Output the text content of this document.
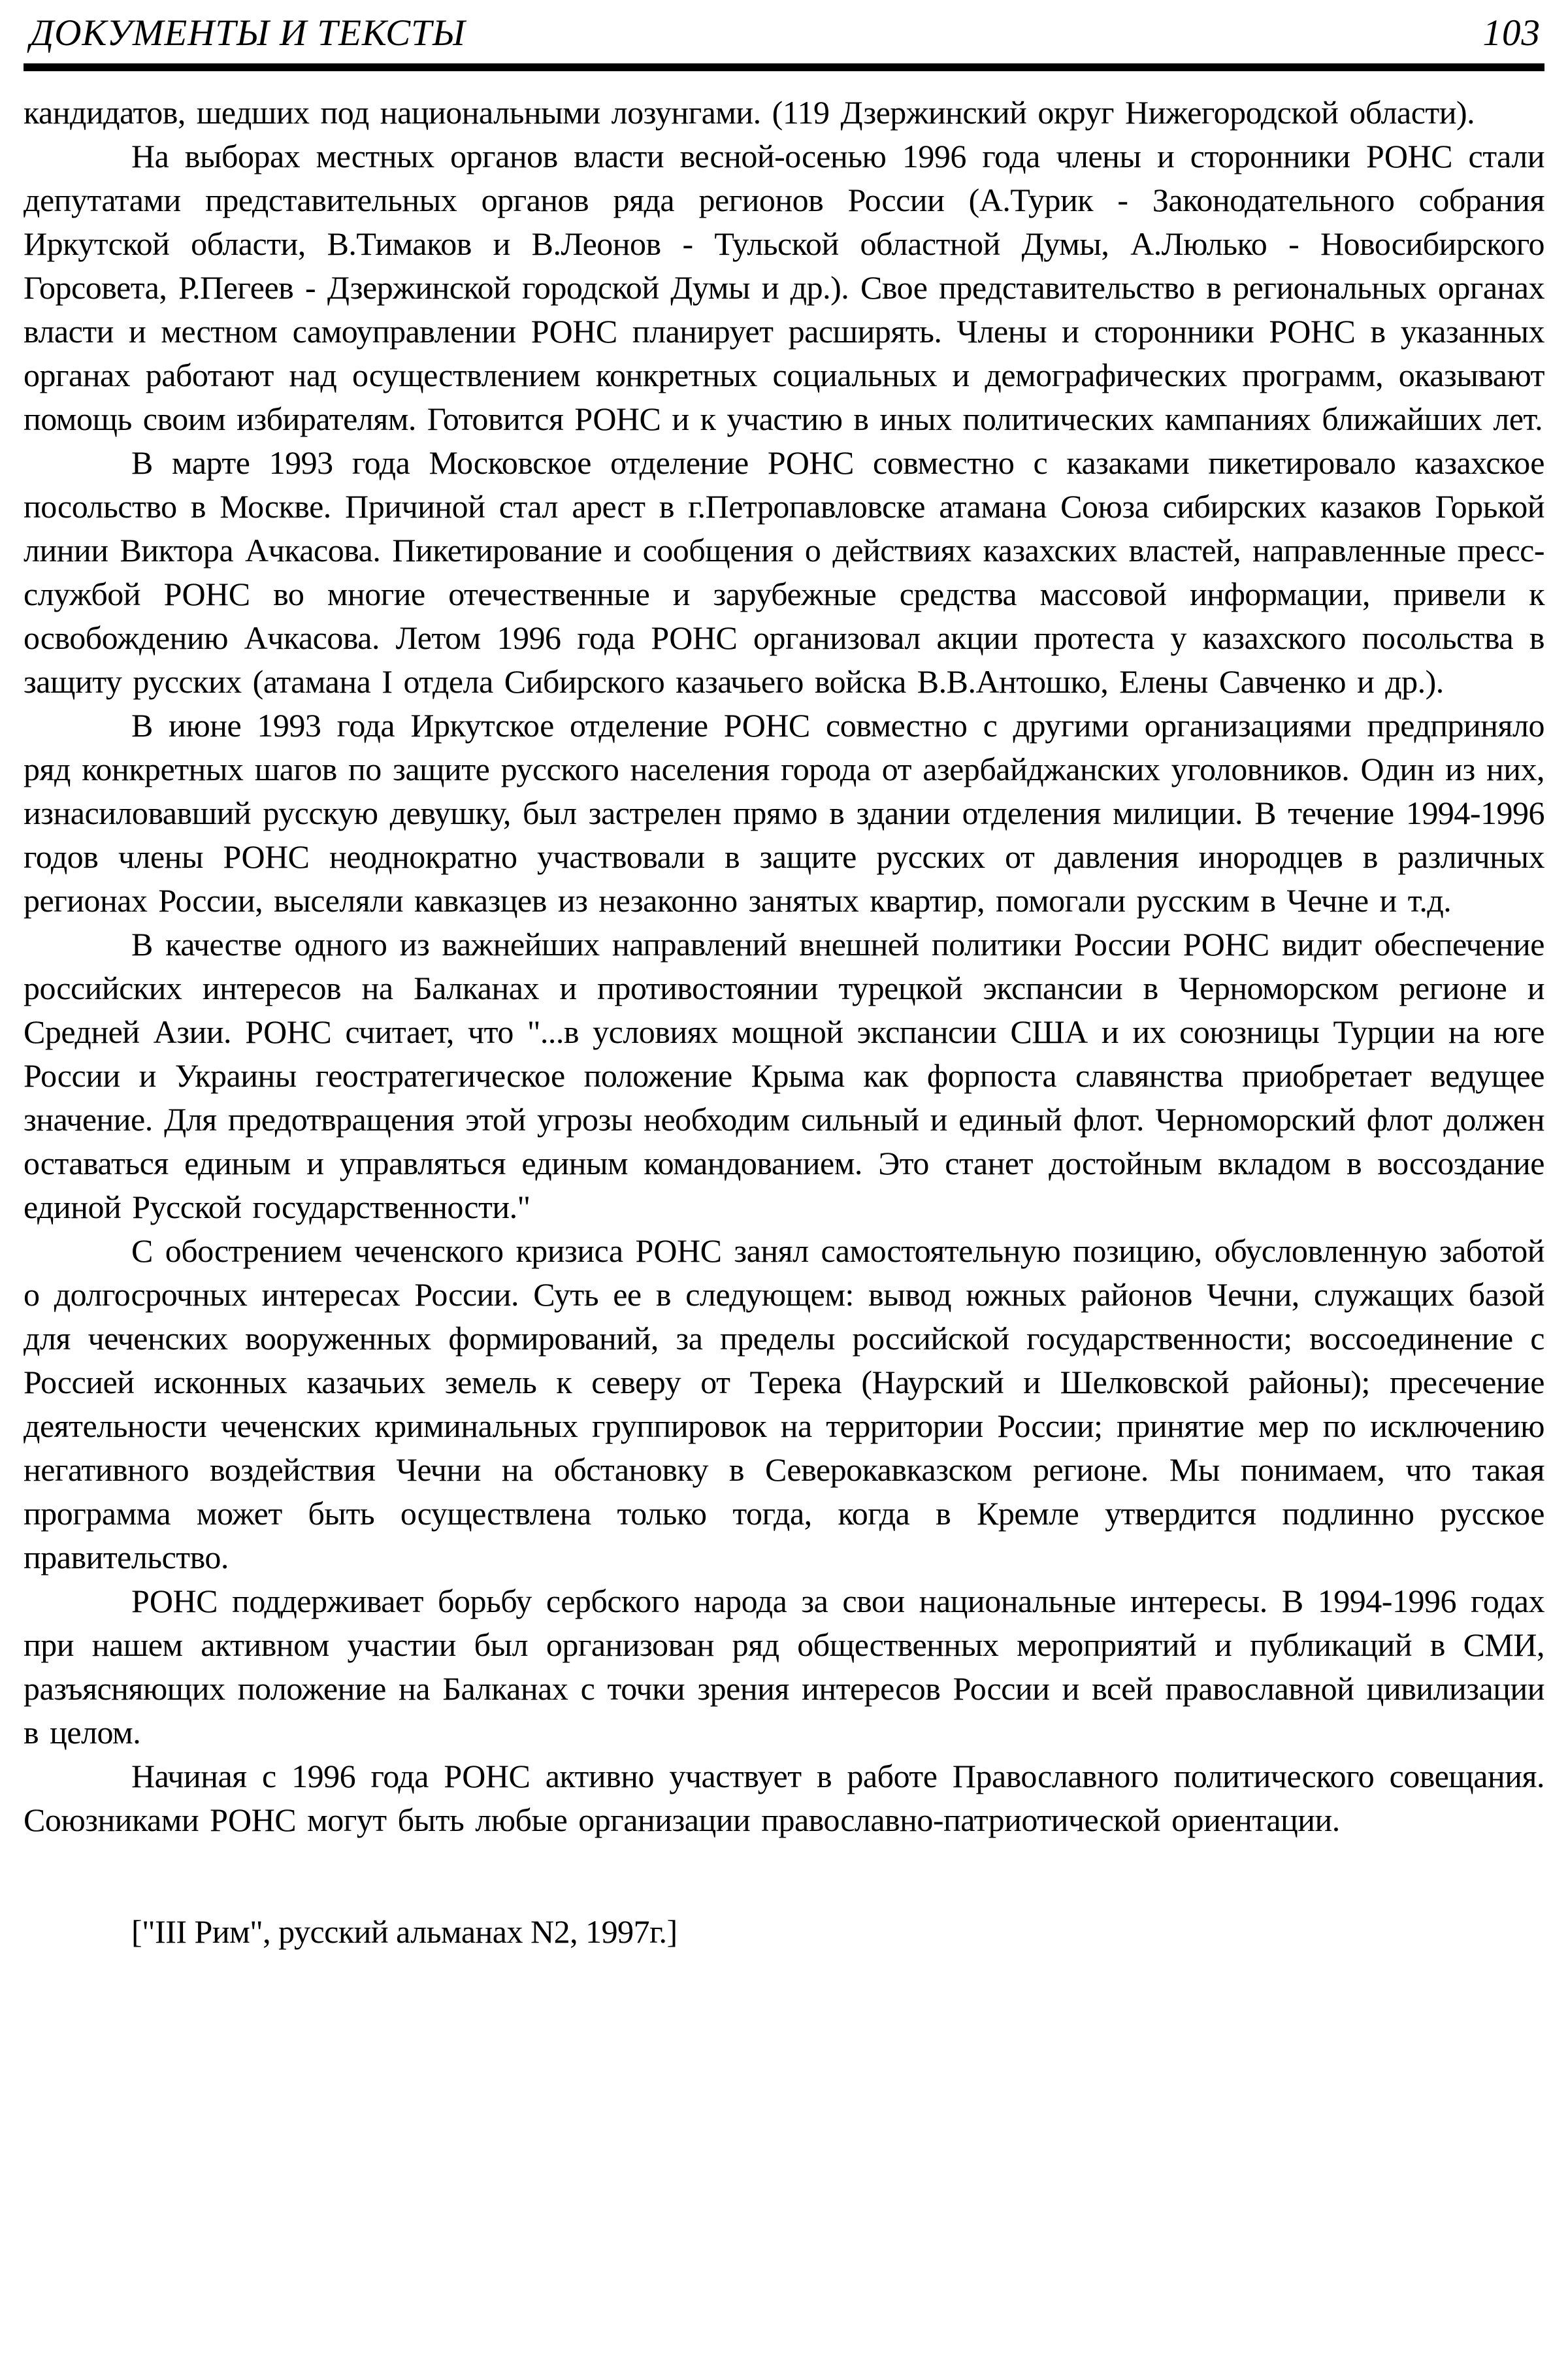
ДОКУМЕНТЫ И ТЕКСТЫ	103

кандидатов, шедших под национальными лозунгами. (119 Дзержинский округ Нижегородской области).

На выборах местных органов власти весной-осенью 1996 года члены и сторонники РОНС стали депутатами представительных органов ряда регионов России (А.Турик - Законодательного собрания Иркутской области, В.Тимаков и В.Леонов - Тульской областной Думы, А.Люлько - Новосибирского Горсовета, Р.Пегеев - Дзержинской городской Думы и др.). Свое представительство в региональных органах власти и местном самоуправлении РОНС планирует расширять. Члены и сторонники РОНС в указанных органах работают над осуществлением конкретных социальных и демографических программ, оказывают помощь своим избирателям. Готовится РОНС и к участию в иных политических кампаниях ближайших лет.

В марте 1993 года Московское отделение РОНС совместно с казаками пикетировало казахское посольство в Москве. Причиной стал арест в г.Петропавловске атамана Союза сибирских казаков Горькой линии Виктора Ачкасова. Пикетирование и сообщения о действиях казахских властей, направленные пресс-службой РОНС во многие отечественные и зарубежные средства массовой информации, привели к освобождению Ачкасова. Летом 1996 года РОНС организовал акции протеста у казахского посольства в защиту русских (атамана I отдела Сибирского казачьего войска В.В.Антошко, Елены Савченко и др.).

В июне 1993 года Иркутское отделение РОНС совместно с другими организациями предприняло ряд конкретных шагов по защите русского населения города от азербайджанских уголовников. Один из них, изнасиловавший русскую девушку, был застрелен прямо в здании отделения милиции. В течение 1994-1996 годов члены РОНС неоднократно участвовали в защите русских от давления инородцев в различных регионах России, выселяли кавказцев из незаконно занятых квартир, помогали русским в Чечне и т.д.

В качестве одного из важнейших направлений внешней политики России РОНС видит обеспечение российских интересов на Балканах и противостоянии турецкой экспансии в Черноморском регионе и Средней Азии. РОНС считает, что "...в условиях мощной экспансии США и их союзницы Турции на юге России и Украины геостратегическое положение Крыма как форпоста славянства приобретает ведущее значение. Для предотвращения этой угрозы необходим сильный и единый флот. Черноморский флот должен оставаться единым и управляться единым командованием. Это станет достойным вкладом в воссоздание единой Русской государственности."

С обострением чеченского кризиса РОНС занял самостоятельную позицию, обусловленную заботой о долгосрочных интересах России. Суть ее в следующем: вывод южных районов Чечни, служащих базой для чеченских вооруженных формирований, за пределы российской государственности; воссоединение с Россией исконных казачьих земель к северу от Терека (Наурский и Шелковской районы); пресечение деятельности чеченских криминальных группировок на территории России; принятие мер по исключению негативного воздействия Чечни на обстановку в Северокавказском регионе. Мы понимаем, что такая программа может быть осуществлена только тогда, когда в Кремле утвердится подлинно русское правительство.

РОНС поддерживает борьбу сербского народа за свои национальные интересы. В 1994-1996 годах при нашем активном участии был организован ряд общественных мероприятий и публикаций в СМИ, разъясняющих положение на Балканах с точки зрения интересов России и всей православной цивилизации в целом.

Начиная с 1996 года РОНС активно участвует в работе Православного политического совещания. Союзниками РОНС могут быть любые организации православно-патриотической ориентации.

["III Рим", русский альманах N2, 1997г.]
